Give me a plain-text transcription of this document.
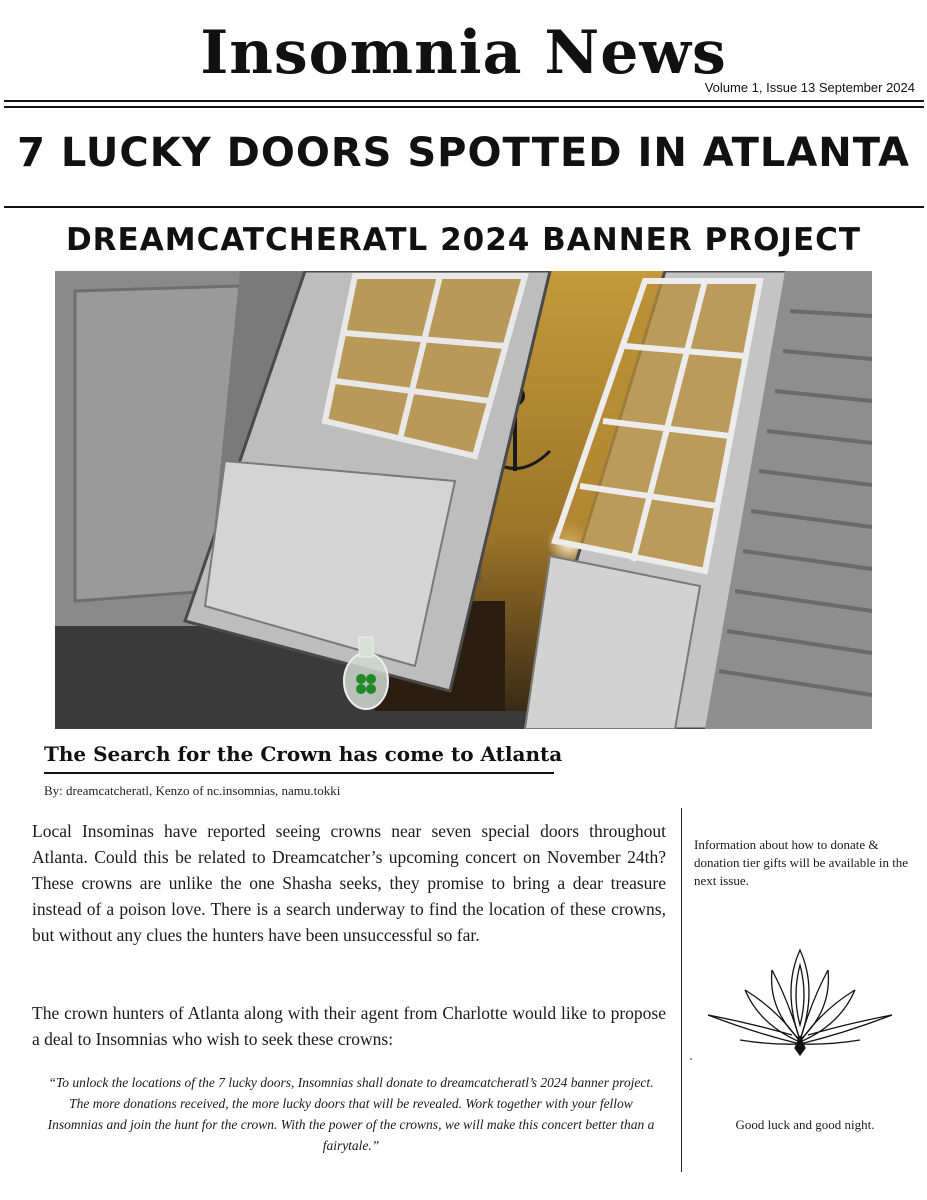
Insomnia News
Volume 1, Issue 13 September 2024
7 LUCKY DOORS SPOTTED IN ATLANTA
DREAMCATCHERATL 2024 BANNER PROJECT
The Search for the Crown has come to Atlanta
By: dreamcatcheratl, Kenzo of nc.insomnias, namu.tokki

Local Insominas have reported seeing crowns near seven special doors throughout Atlanta. Could this be related to Dreamcatcher’s upcoming concert on November 24th? These crowns are unlike the one Shasha seeks, they promise to bring a dear treasure instead of a poison love. There is a search underway to find the location of these crowns, but without any clues the hunters have been unsuccessful so far.

The crown hunters of Atlanta along with their agent from Charlotte would like to propose a deal to Insomnias who wish to seek these crowns:

“To unlock the locations of the 7 lucky doors, Insomnias shall donate to dreamcatcheratl’s 2024 banner project. The more donations received, the more lucky doors that will be revealed. Work together with your fellow Insomnias and join the hunt for the crown. With the power of the crowns, we will make this concert better than a fairytale.”

Information about how to donate & donation tier gifts will be available in the next issue.
Good luck and good night.
